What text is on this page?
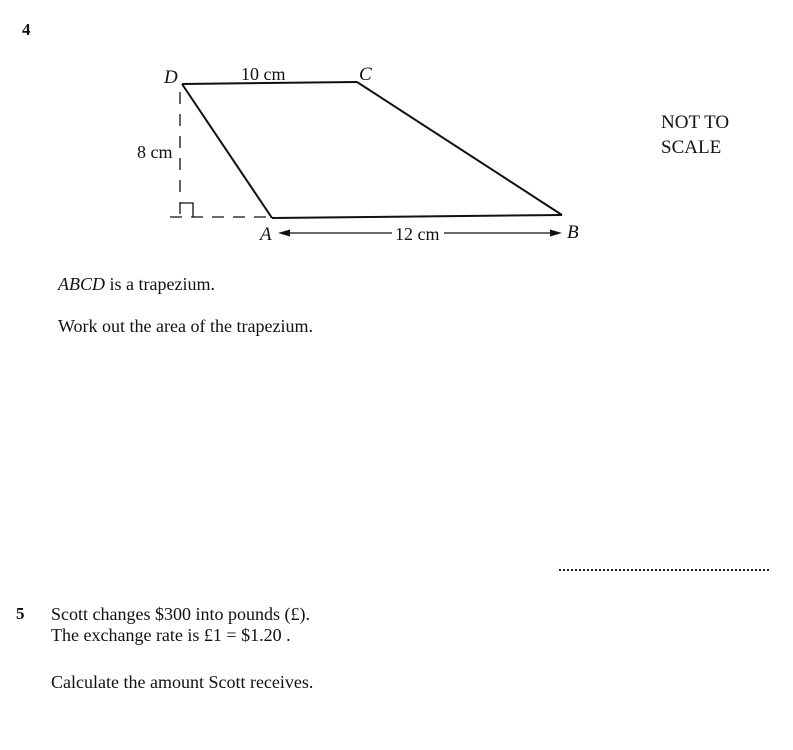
4
D	C
B
A
10 cm
12 cm
8 cm
NOT TO
SCALE
ABCD is a trapezium.
Work out the area of the trapezium.
5 Scott changes $300 into pounds (£).
The exchange rate is £1 = $1.20 .
Calculate the amount Scott receives.
